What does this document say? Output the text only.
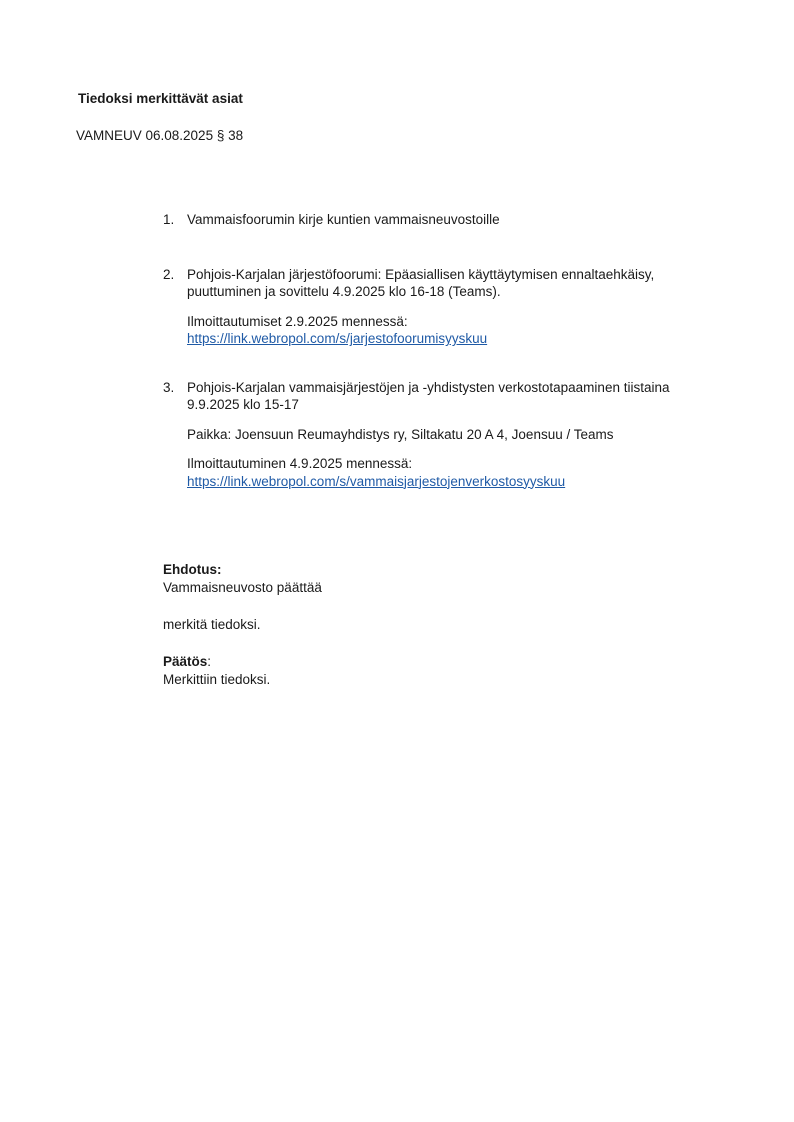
Tiedoksi merkittävät asiat
VAMNEUV 06.08.2025 § 38
1. Vammaisfoorumin kirje kuntien vammaisneuvostoille
2. Pohjois-Karjalan järjestöfoorumi: Epäasiallisen käyttäytymisen ennaltaehkäisy, puuttuminen ja sovittelu 4.9.2025 klo 16-18 (Teams).
Ilmoittautumiset 2.9.2025 mennessä:
https://link.webropol.com/s/jarjestofoorumisyyskuu
3. Pohjois-Karjalan vammaisjärjestöjen ja -yhdistysten verkostotapaaminen tiistaina 9.9.2025 klo 15-17
Paikka: Joensuun Reumayhdistys ry, Siltakatu 20 A 4, Joensuu / Teams
Ilmoittautuminen 4.9.2025 mennessä:
https://link.webropol.com/s/vammaisjarjestojenverkostosyyskuu
Ehdotus:
Vammaisneuvosto päättää
merkitä tiedoksi.
Päätös:
Merkittiin tiedoksi.
